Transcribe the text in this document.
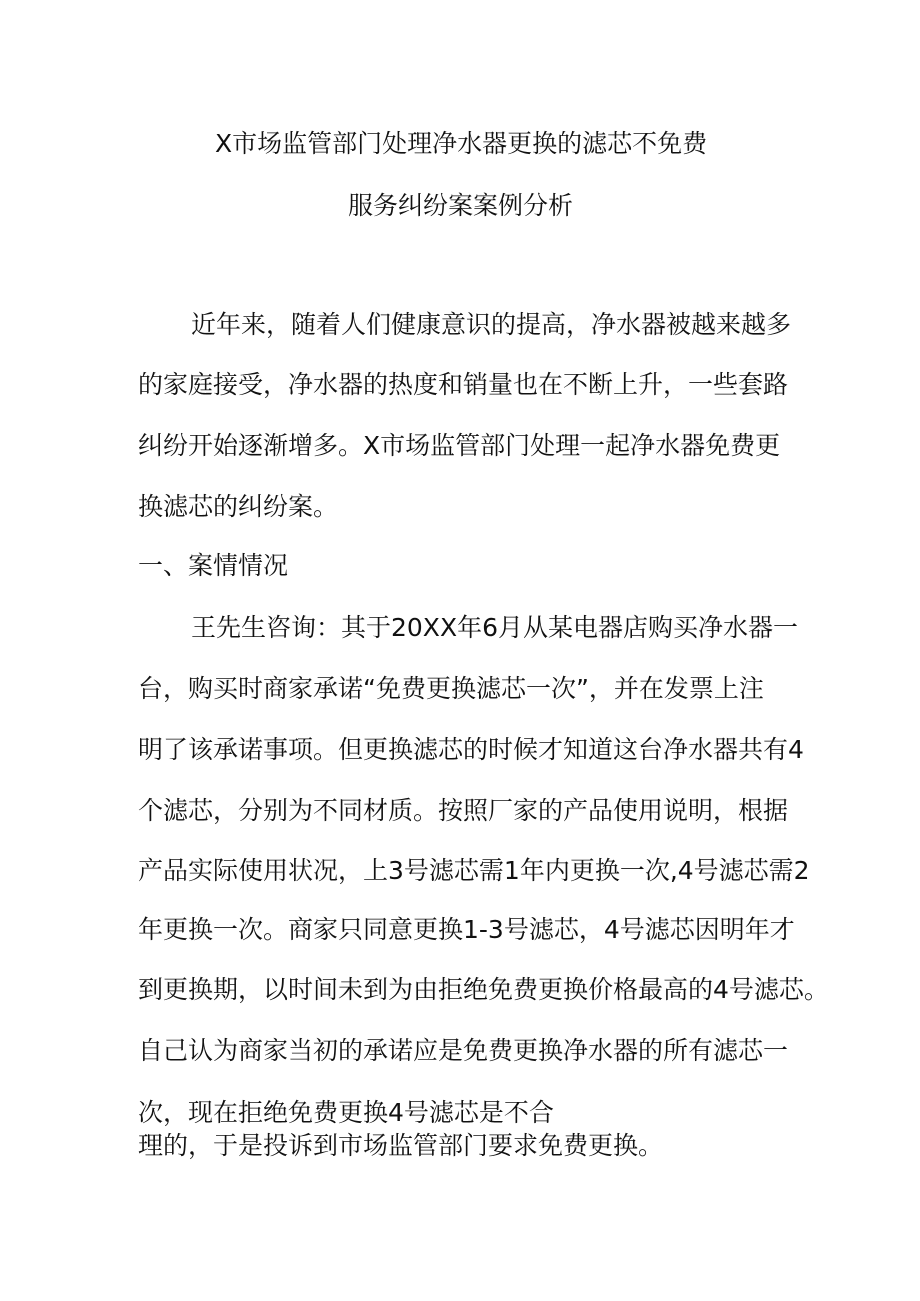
X市场监管部门处理净水器更换的滤芯不免费

服务纠纷案案例分析

近年来，随着人们健康意识的提高，净水器被越来越多

的家庭接受，净水器的热度和销量也在不断上升，一些套路

纠纷开始逐渐增多。X市场监管部门处理一起净水器免费更

换滤芯的纠纷案。

一、案情情况

王先生咨询：其于20XX年6月从某电器店购买净水器一

台，购买时商家承诺“免费更换滤芯一次”，并在发票上注

明了该承诺事项。但更换滤芯的时候才知道这台净水器共有4

个滤芯，分别为不同材质。按照厂家的产品使用说明，根据

产品实际使用状况，上3号滤芯需1年内更换一次,4号滤芯需2

年更换一次。商家只同意更换1-3号滤芯，4号滤芯因明年才

到更换期，以时间未到为由拒绝免费更换价格最高的4号滤芯。

自己认为商家当初的承诺应是免费更换净水器的所有滤芯一

次，现在拒绝免费更换4号滤芯是不合

理的，于是投诉到市场监管部门要求免费更换。
